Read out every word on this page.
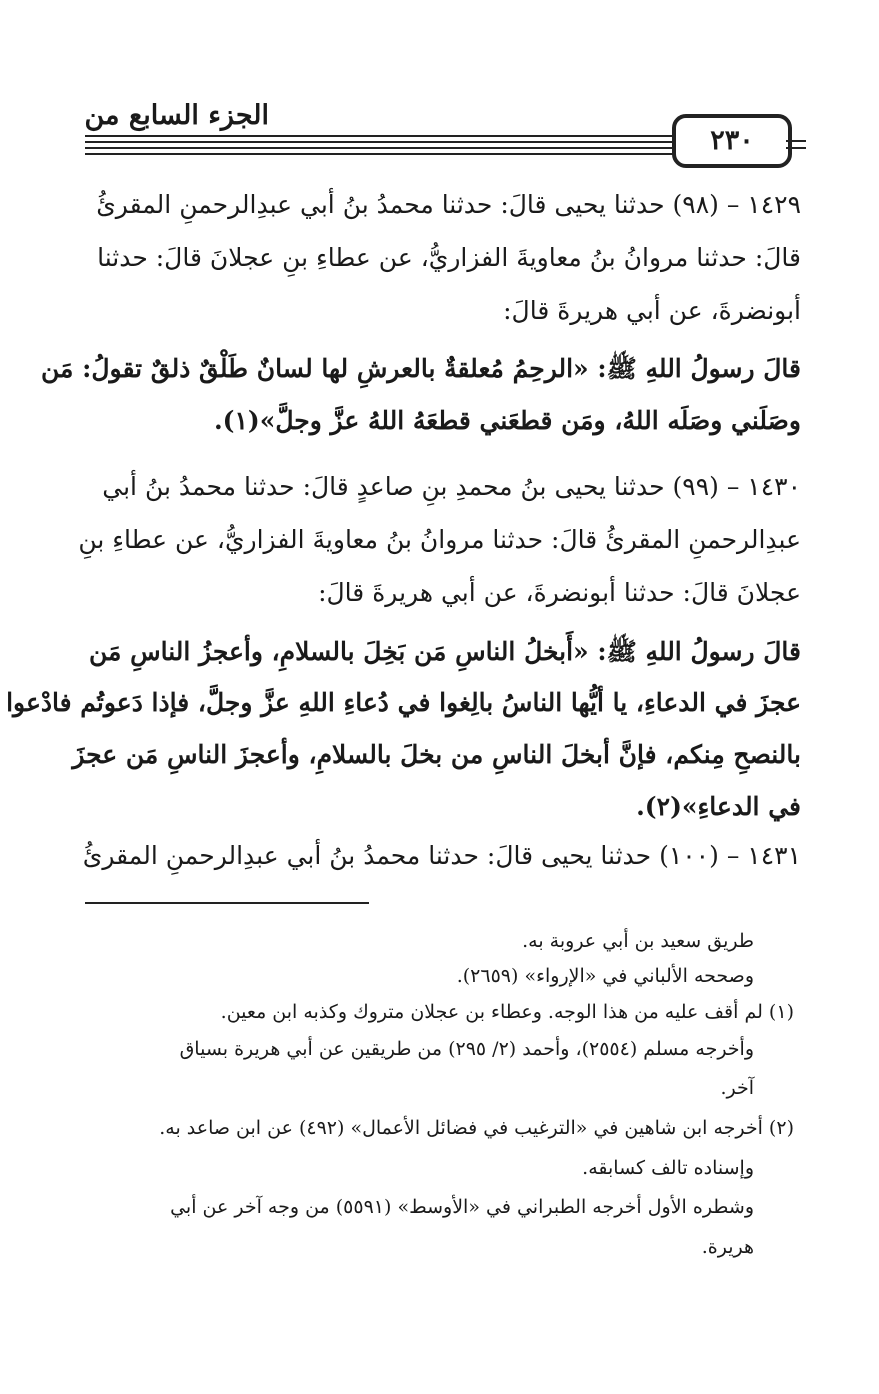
الجزء السابع من
٢٣٠
١٤٢٩ – (٩٨) حدثنا يحيى قالَ: حدثنا محمدُ بنُ أبي عبدِالرحمنِ المقرئُ
قالَ: حدثنا مروانُ بنُ معاويةَ الفزاريُّ، عن عطاءِ بنِ عجلانَ قالَ: حدثنا
أبونضرةَ، عن أبي هريرةَ قالَ:
قالَ رسولُ اللهِ ﷺ: «الرحِمُ مُعلقةٌ بالعرشِ لها لسانٌ طَلْقٌ ذلقٌ تقولُ: مَن
وصَلَني وصَلَه اللهُ، ومَن قطعَني قطعَهُ اللهُ عزَّ وجلَّ»(١).
١٤٣٠ – (٩٩) حدثنا يحيى بنُ محمدِ بنِ صاعدٍ قالَ: حدثنا محمدُ بنُ أبي
عبدِالرحمنِ المقرئُ قالَ: حدثنا مروانُ بنُ معاويةَ الفزاريُّ، عن عطاءِ بنِ
عجلانَ قالَ: حدثنا أبونضرةَ، عن أبي هريرةَ قالَ:
قالَ رسولُ اللهِ ﷺ: «أَبخلُ الناسِ مَن بَخِلَ بالسلامِ، وأعجزُ الناسِ مَن
عجزَ في الدعاءِ، يا أيُّها الناسُ بالِغوا في دُعاءِ اللهِ عزَّ وجلَّ، فإذا دَعوتُم فادْعوا
بالنصحِ مِنكم، فإنَّ أبخلَ الناسِ من بخلَ بالسلامِ، وأعجزَ الناسِ مَن عجزَ
في الدعاءِ»(٢).
١٤٣١ – (١٠٠) حدثنا يحيى قالَ: حدثنا محمدُ بنُ أبي عبدِالرحمنِ المقرئُ
طريق سعيد بن أبي عروبة به.
وصححه الألباني في «الإرواء» (٢٦٥٩).
(١) لم أقف عليه من هذا الوجه. وعطاء بن عجلان متروك وكذبه ابن معين.
وأخرجه مسلم (٢٥٥٤)، وأحمد (٢/ ٢٩٥) من طريقين عن أبي هريرة بسياق
آخر.
(٢) أخرجه ابن شاهين في «الترغيب في فضائل الأعمال» (٤٩٢) عن ابن صاعد به.
وإسناده تالف كسابقه.
وشطره الأول أخرجه الطبراني في «الأوسط» (٥٥٩١) من وجه آخر عن أبي
هريرة.
